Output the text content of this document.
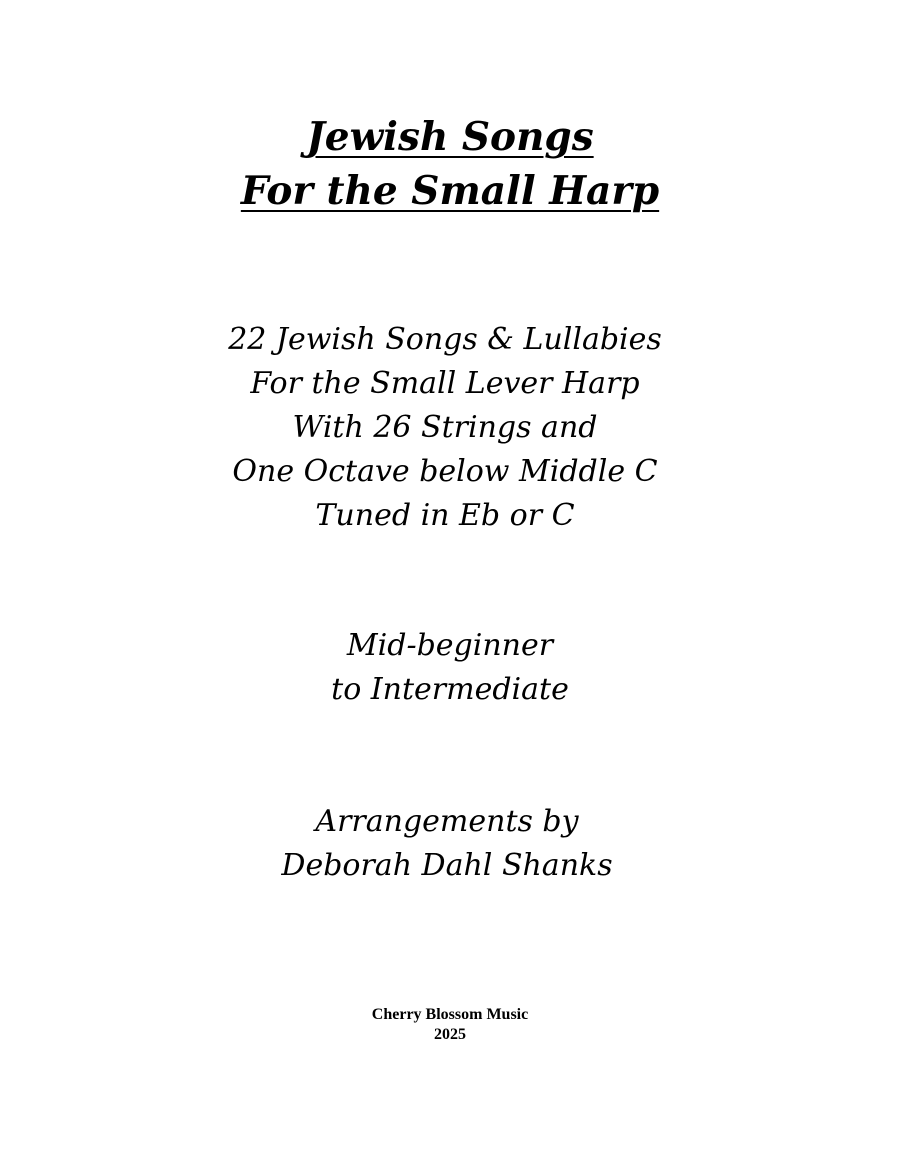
Jewish Songs
For the Small Harp

22 Jewish Songs & Lullabies
For the Small Lever Harp
With 26 Strings and
One Octave below Middle C
Tuned in Eb or C

Mid-beginner
to Intermediate

Arrangements by
Deborah Dahl Shanks

Cherry Blossom Music
2025
